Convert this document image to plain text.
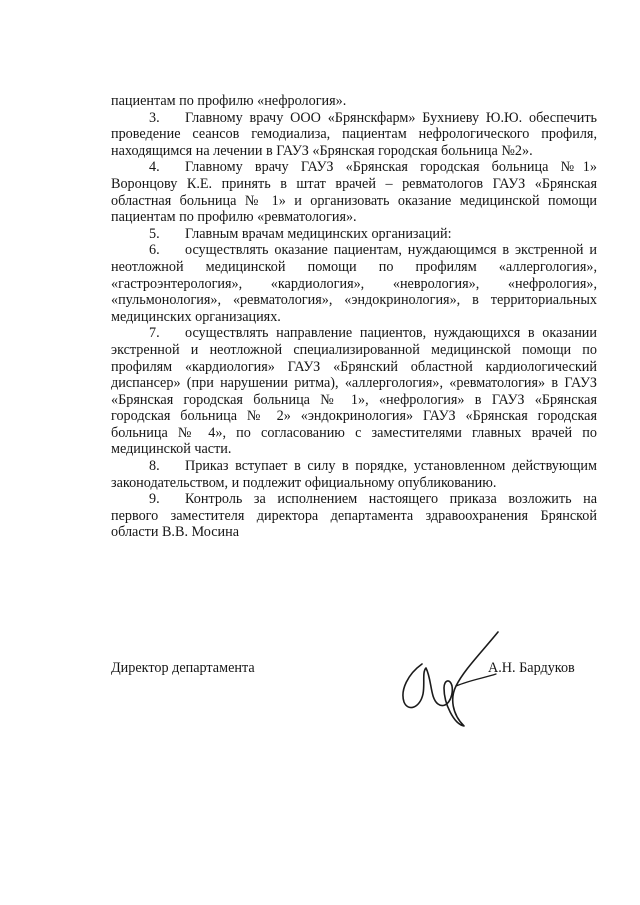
пациентам по профилю «нефрология».

3. Главному врачу ООО «Брянскфарм» Бухниеву Ю.Ю. обеспечить проведение сеансов гемодиализа, пациентам нефрологического профиля, находящимся на лечении в ГАУЗ «Брянская городская больница №2».

4. Главному врачу ГАУЗ «Брянская городская больница №1» Воронцову К.Е. принять в штат врачей – ревматологов ГАУЗ «Брянская областная больница № 1» и организовать оказание медицинской помощи пациентам по профилю «ревматология».

5. Главным врачам медицинских организаций:

6. осуществлять оказание пациентам, нуждающимся в экстренной и неотложной медицинской помощи по профилям «аллергология», «гастроэнтерология», «кардиология», «неврология», «нефрология», «пульмонология», «ревматология», «эндокринология», в территориальных медицинских организациях.

7. осуществлять направление пациентов, нуждающихся в оказании экстренной и неотложной специализированной медицинской помощи по профилям «кардиология» ГАУЗ «Брянский областной кардиологический диспансер» (при нарушении ритма), «аллергология», «ревматология» в ГАУЗ «Брянская городская больница № 1», «нефрология» в ГАУЗ «Брянская городская больница № 2» «эндокринология» ГАУЗ «Брянская городская больница № 4», по согласованию с заместителями главных врачей по медицинской части.

8. Приказ вступает в силу в порядке, установленном действующим законодательством, и подлежит официальному опубликованию.

9. Контроль за исполнением настоящего приказа возложить на первого заместителя директора департамента здравоохранения Брянской области В.В. Мосина

Директор департамента	А.Н. Бардуков
